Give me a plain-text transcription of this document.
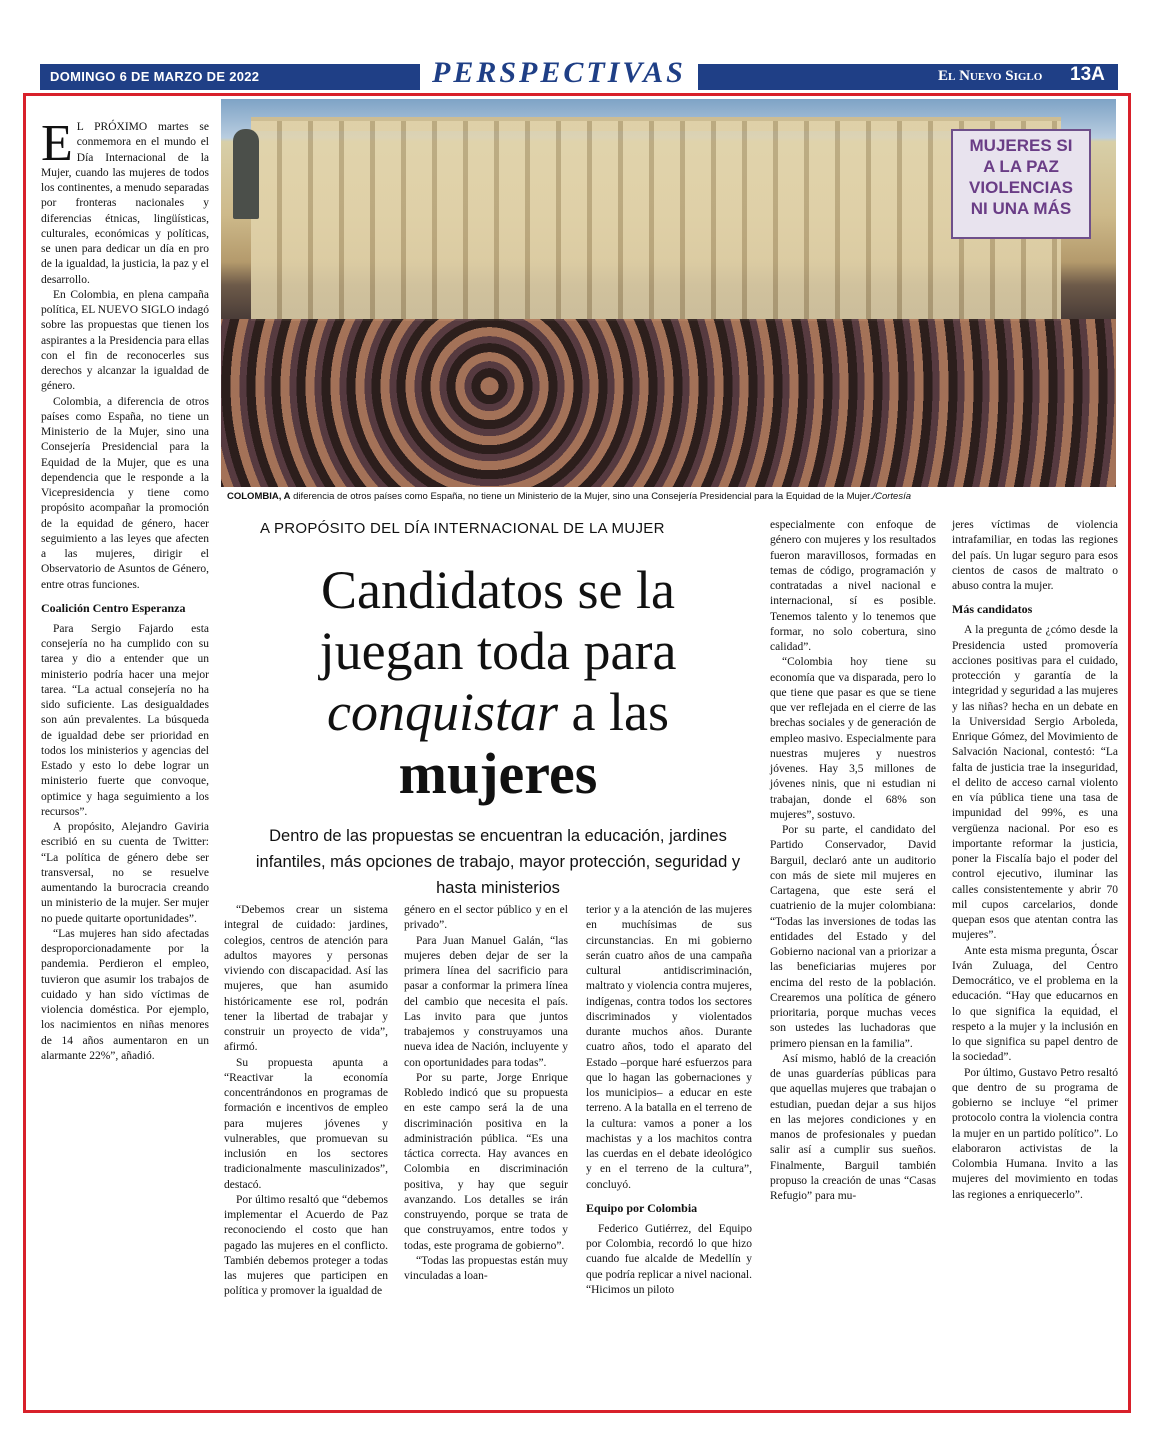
DOMINGO 6 DE MARZO DE 2022	PERSPECTIVAS	El Nuevo Siglo 13A
MUJERES SI
A LA PAZ
VIOLENCIAS
NI UNA MÁS
COLOMBIA, A diferencia de otros países como España, no tiene un Ministerio de la Mujer, sino una Consejería Presidencial para la Equidad de la Mujer./Cortesía

E L PRÓXIMO martes se conmemora en el mundo el Día Internacional de la Mujer, cuando las mujeres de todos los continentes, a menudo separadas por fronteras nacionales y diferencias étnicas, lingüísticas, culturales, económicas y políticas, se unen para dedicar un día en pro de la igualdad, la justicia, la paz y el desarrollo.

En Colombia, en plena campaña política, EL NUEVO SIGLO indagó sobre las propuestas que tienen los aspirantes a la Presidencia para ellas con el fin de reconocerles sus derechos y alcanzar la igualdad de género.

Colombia, a diferencia de otros países como España, no tiene un Ministerio de la Mujer, sino una Consejería Presidencial para la Equidad de la Mujer, que es una dependencia que le responde a la Vicepresidencia y tiene como propósito acompañar la promoción de la equidad de género, hacer seguimiento a las leyes que afecten a las mujeres, dirigir el Observatorio de Asuntos de Género, entre otras funciones.

Coalición Centro Esperanza

Para Sergio Fajardo esta consejería no ha cumplido con su tarea y dio a entender que un ministerio podría hacer una mejor tarea. “La actual consejería no ha sido suficiente. Las desigualdades son aún prevalentes. La búsqueda de igualdad debe ser prioridad en todos los ministerios y agencias del Estado y esto lo debe lograr un ministerio fuerte que convoque, optimice y haga seguimiento a los recursos”.

A propósito, Alejandro Gaviria escribió en su cuenta de Twitter: “La política de género debe ser transversal, no se resuelve aumentando la burocracia creando un ministerio de la mujer. Ser mujer no puede quitarte oportunidades”.

“Las mujeres han sido afectadas desproporcionadamente por la pandemia. Perdieron el empleo, tuvieron que asumir los trabajos de cuidado y han sido víctimas de violencia doméstica. Por ejemplo, los nacimientos en niñas menores de 14 años aumentaron en un alarmante 22%”, añadió.

A PROPÓSITO DEL DÍA INTERNACIONAL DE LA MUJER
Candidatos se la
juegan toda para
conquistar a las
mujeres
Dentro de las propuestas se encuentran la educación, jardines infantiles, más opciones de trabajo, mayor protección, seguridad y hasta ministerios

“Debemos crear un sistema integral de cuidado: jardines, colegios, centros de atención para adultos mayores y personas viviendo con discapacidad. Así las mujeres, que han asumido históricamente ese rol, podrán tener la libertad de trabajar y construir un proyecto de vida”, afirmó.

Su propuesta apunta a “Reactivar la economía concentrándonos en programas de formación e incentivos de empleo para mujeres jóvenes y vulnerables, que promuevan su inclusión en los sectores tradicionalmente masculinizados”, destacó.

Por último resaltó que “debemos implementar el Acuerdo de Paz reconociendo el costo que han pagado las mujeres en el conflicto. También debemos proteger a todas las mujeres que participen en política y promover la igualdad de

género en el sector público y en el privado”.

Para Juan Manuel Galán, “las mujeres deben dejar de ser la primera línea del sacrificio para pasar a conformar la primera línea del cambio que necesita el país. Las invito para que juntos trabajemos y construyamos una nueva idea de Nación, incluyente y con oportunidades para todas”.

Por su parte, Jorge Enrique Robledo indicó que su propuesta en este campo será la de una discriminación positiva en la administración pública. “Es una táctica correcta. Hay avances en Colombia en discriminación positiva, y hay que seguir avanzando. Los detalles se irán construyendo, porque se trata de que construyamos, entre todos y todas, este programa de gobierno”.

“Todas las propuestas están muy vinculadas a loan-

terior y a la atención de las mujeres en muchísimas de sus circunstancias. En mi gobierno serán cuatro años de una campaña cultural antidiscriminación, maltrato y violencia contra mujeres, indígenas, contra todos los sectores discriminados y violentados durante muchos años. Durante cuatro años, todo el aparato del Estado –porque haré esfuerzos para que lo hagan las gobernaciones y los municipios– a educar en este terreno. A la batalla en el terreno de la cultura: vamos a poner a los machistas y a los machitos contra las cuerdas en el debate ideológico y en el terreno de la cultura”, concluyó.

Equipo por Colombia

Federico Gutiérrez, del Equipo por Colombia, recordó lo que hizo cuando fue alcalde de Medellín y que podría replicar a nivel nacional. “Hicimos un piloto

especialmente con enfoque de género con mujeres y los resultados fueron maravillosos, formadas en temas de código, programación y contratadas a nivel nacional e internacional, sí es posible. Tenemos talento y lo tenemos que formar, no solo cobertura, sino calidad”.

“Colombia hoy tiene su economía que va disparada, pero lo que tiene que pasar es que se tiene que ver reflejada en el cierre de las brechas sociales y de generación de empleo masivo. Especialmente para nuestras mujeres y nuestros jóvenes. Hay 3,5 millones de jóvenes ninis, que ni estudian ni trabajan, donde el 68% son mujeres”, sostuvo.

Por su parte, el candidato del Partido Conservador, David Barguil, declaró ante un auditorio con más de siete mil mujeres en Cartagena, que este será el cuatrienio de la mujer colombiana: “Todas las inversiones de todas las entidades del Estado y del Gobierno nacional van a priorizar a las beneficiarias mujeres por encima del resto de la población. Crearemos una política de género prioritaria, porque muchas veces son ustedes las luchadoras que primero piensan en la familia”.

Así mismo, habló de la creación de unas guarderías públicas para que aquellas mujeres que trabajan o estudian, puedan dejar a sus hijos en las mejores condiciones y en manos de profesionales y puedan salir así a cumplir sus sueños. Finalmente, Barguil también propuso la creación de unas “Casas Refugio” para mu-

jeres víctimas de violencia intrafamiliar, en todas las regiones del país. Un lugar seguro para esos cientos de casos de maltrato o abuso contra la mujer.

Más candidatos

A la pregunta de ¿cómo desde la Presidencia usted promovería acciones positivas para el cuidado, protección y garantía de la integridad y seguridad a las mujeres y las niñas? hecha en un debate en la Universidad Sergio Arboleda, Enrique Gómez, del Movimiento de Salvación Nacional, contestó: “La falta de justicia trae la inseguridad, el delito de acceso carnal violento en vía pública tiene una tasa de impunidad del 99%, es una vergüenza nacional. Por eso es importante reformar la justicia, poner la Fiscalía bajo el poder del control ejecutivo, iluminar las calles consistentemente y abrir 70 mil cupos carcelarios, donde quepan esos que atentan contra las mujeres”.

Ante esta misma pregunta, Óscar Iván Zuluaga, del Centro Democrático, ve el problema en la educación. “Hay que educarnos en lo que significa la equidad, el respeto a la mujer y la inclusión en lo que significa su papel dentro de la sociedad”.

Por último, Gustavo Petro resaltó que dentro de su programa de gobierno se incluye “el primer protocolo contra la violencia contra la mujer en un partido político”. Lo elaboraron activistas de la Colombia Humana. Invito a las mujeres del movimiento en todas las regiones a enriquecerlo”.
